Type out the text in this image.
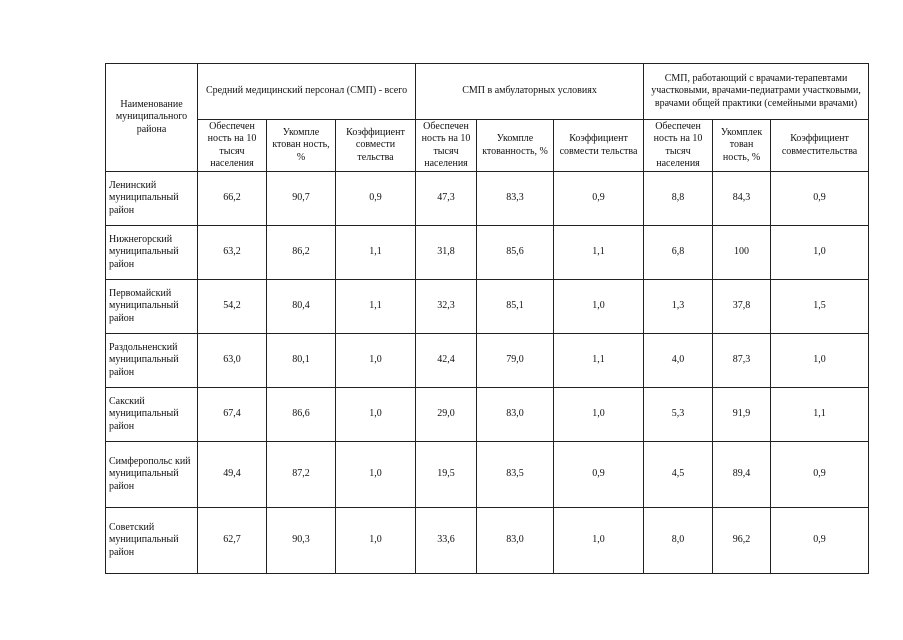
Наименование муниципального района	Средний медицинский персонал (СМП) - всего			СМП в амбулаторных условиях			СМП, работающий с врачами-терапевтами участковыми, врачами-педиатрами участковыми, врачами общей практики (семейными врачами)		
	Обеспечен ность на 10 тысяч населения	Укомпле ктован ность, %	Коэффициент совмести тельства	Обеспечен ность на 10 тысяч населения	Укомпле ктованность, %	Коэффициент совмести тельства	Обеспечен ность на 10 тысяч населения	Укомплек тован ность, %	Коэффициент совместительства
Ленинский муниципальный район	66,2	90,7	0,9	47,3	83,3	0,9	8,8	84,3	0,9
Нижнегорский муниципальный район	63,2	86,2	1,1	31,8	85,6	1,1	6,8	100	1,0
Первомайский муниципальный район	54,2	80,4	1,1	32,3	85,1	1,0	1,3	37,8	1,5
Раздольненский муниципальный район	63,0	80,1	1,0	42,4	79,0	1,1	4,0	87,3	1,0
Сакский муниципальный район	67,4	86,6	1,0	29,0	83,0	1,0	5,3	91,9	1,1
Симферопольс кий муниципальный район	49,4	87,2	1,0	19,5	83,5	0,9	4,5	89,4	0,9
Советский муниципальный район	62,7	90,3	1,0	33,6	83,0	1,0	8,0	96,2	0,9
